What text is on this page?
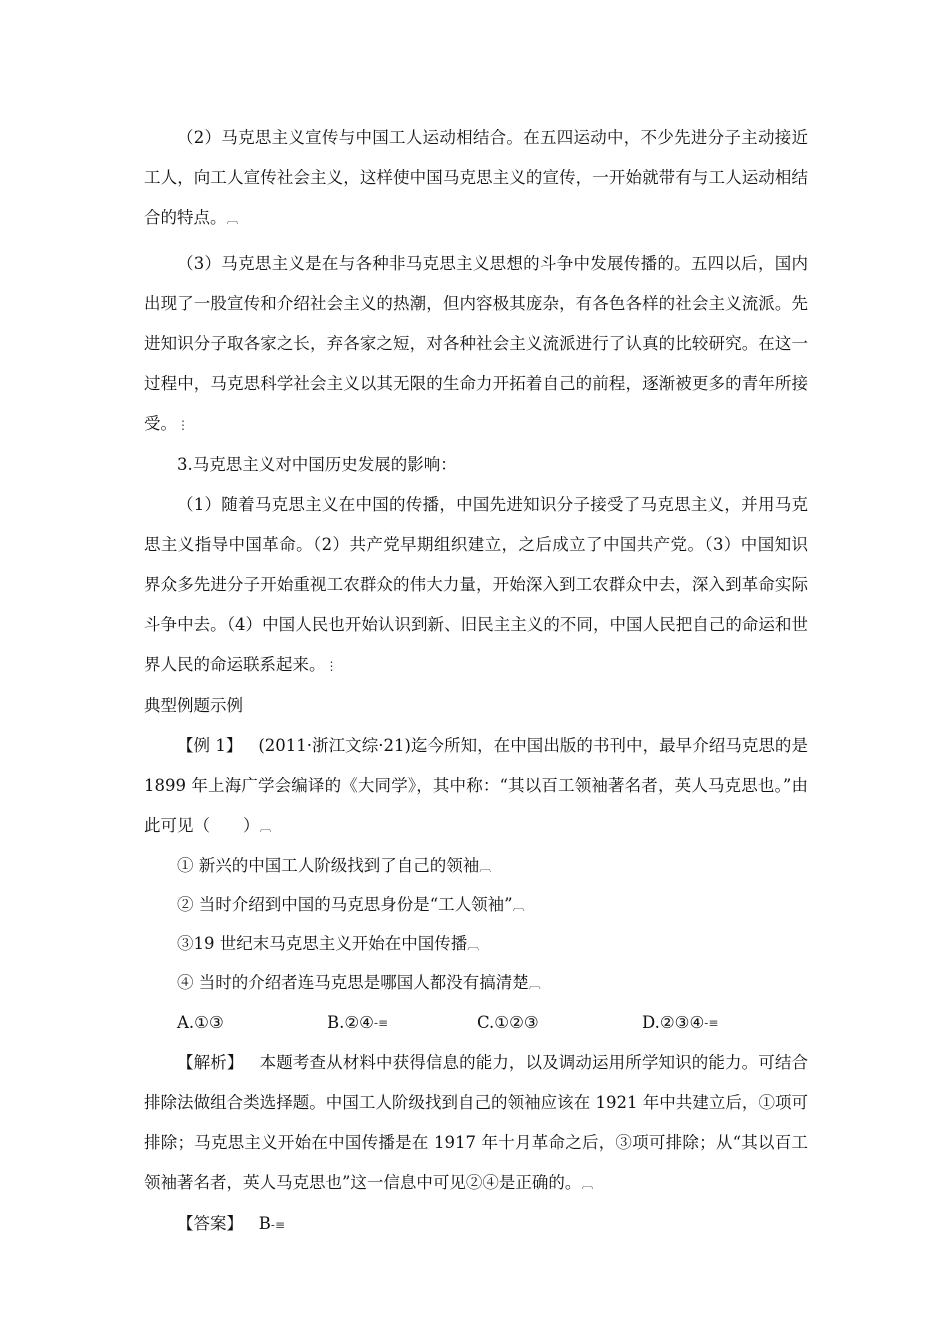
（2）马克思主义宣传与中国工人运动相结合。在五四运动中，不少先进分子主动接近工人，向工人宣传社会主义，这样使中国马克思主义的宣传，一开始就带有与工人运动相结合的特点。︹

（3）马克思主义是在与各种非马克思主义思想的斗争中发展传播的。五四以后，国内出现了一股宣传和介绍社会主义的热潮，但内容极其庞杂，有各色各样的社会主义流派。先进知识分子取各家之长，弃各家之短，对各种社会主义流派进行了认真的比较研究。在这一过程中，马克思科学社会主义以其无限的生命力开拓着自己的前程，逐渐被更多的青年所接受。⋮

3.马克思主义对中国历史发展的影响：

（1）随着马克思主义在中国的传播，中国先进知识分子接受了马克思主义，并用马克思主义指导中国革命。（2）共产党早期组织建立，之后成立了中国共产党。（3）中国知识界众多先进分子开始重视工农群众的伟大力量，开始深入到工农群众中去，深入到革命实际斗争中去。（4）中国人民也开始认识到新、旧民主主义的不同，中国人民把自己的命运和世界人民的命运联系起来。⋮

典型例题示例

【例 1】 (2011·浙江文综·21)迄今所知，在中国出版的书刊中，最早介绍马克思的是 1899 年上海广学会编译的《大同学》，其中称：“其以百工领袖著名者，英人马克思也。”由此可见（　　）︹

① 新兴的中国工人阶级找到了自己的领袖︹

② 当时介绍到中国的马克思身份是“工人领袖”︹

③19 世纪末马克思主义开始在中国传播︹

④ 当时的介绍者连马克思是哪国人都没有搞清楚︹

A.①③	B.②④ -≡	C.①②③	D.②③④ -≡

【解析】 本题考查从材料中获得信息的能力，以及调动运用所学知识的能力。可结合排除法做组合类选择题。中国工人阶级找到自己的领袖应该在 1921 年中共建立后，①项可排除；马克思主义开始在中国传播是在 1917 年十月革命之后，③项可排除；从“其以百工领袖著名者，英人马克思也”这一信息中可见②④是正确的。︹

【答案】 B-≡
